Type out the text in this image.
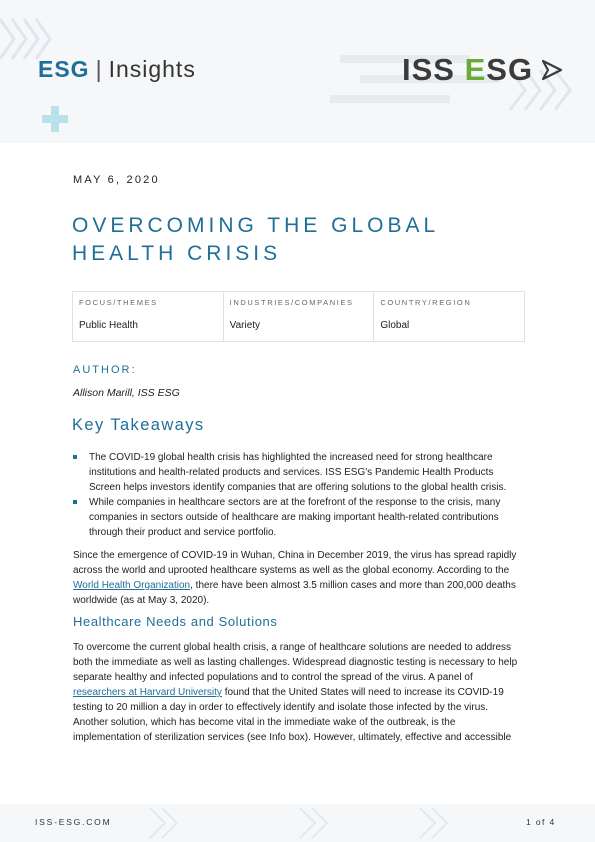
ESG | Insights	ISS ESG
MAY 6, 2020
OVERCOMING THE GLOBAL HEALTH CRISIS
FOCUS/THEMES
Public Health
INDUSTRIES/COMPANIES
Variety
COUNTRY/REGION
Global
AUTHOR:
Allison Marill, ISS ESG
Key Takeaways
The COVID-19 global health crisis has highlighted the increased need for strong healthcare institutions and health-related products and services. ISS ESG's Pandemic Health Products Screen helps investors identify companies that are offering solutions to the global health crisis.
While companies in healthcare sectors are at the forefront of the response to the crisis, many companies in sectors outside of healthcare are making important health-related contributions through their product and service portfolio.

Since the emergence of COVID-19 in Wuhan, China in December 2019, the virus has spread rapidly across the world and uprooted healthcare systems as well as the global economy. According to the World Health Organization, there have been almost 3.5 million cases and more than 200,000 deaths worldwide (as at May 3, 2020).

Healthcare Needs and Solutions

To overcome the current global health crisis, a range of healthcare solutions are needed to address both the immediate as well as lasting challenges. Widespread diagnostic testing is necessary to help separate healthy and infected populations and to control the spread of the virus. A panel of researchers at Harvard University found that the United States will need to increase its COVID-19 testing to 20 million a day in order to effectively identify and isolate those infected by the virus. Another solution, which has become vital in the immediate wake of the outbreak, is the implementation of sterilization services (see Info box). However, ultimately, effective and accessible

ISS-ESG.COM	1 of 4
